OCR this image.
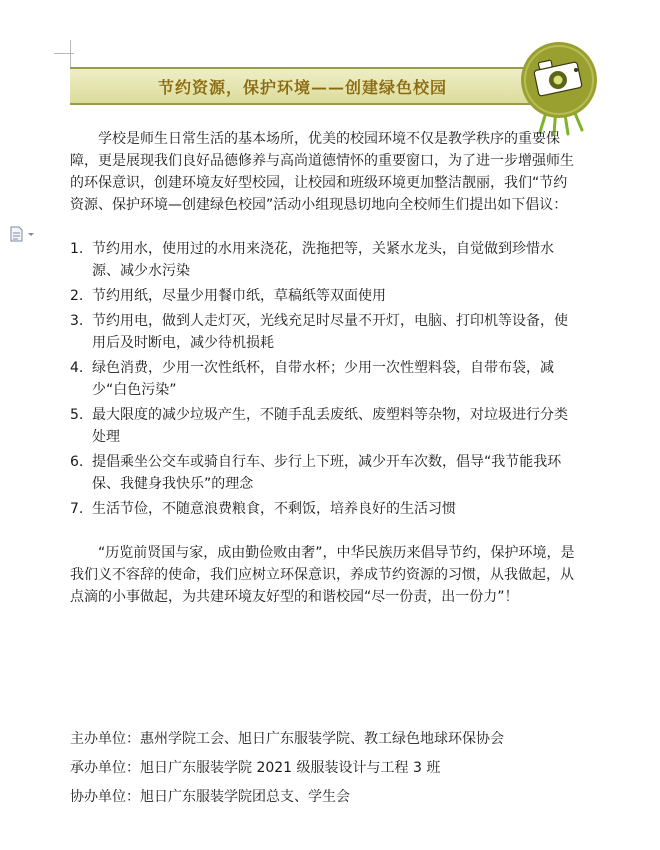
节约资源，保护环境——创建绿色校园

学校是师生日常生活的基本场所，优美的校园环境不仅是教学秩序的重要保障，更是展现我们良好品德修养与高尚道德情怀的重要窗口，为了进一步增强师生的环保意识，创建环境友好型校园，让校园和班级环境更加整洁靓丽，我们“节约资源、保护环境—创建绿色校园”活动小组现恳切地向全校师生们提出如下倡议：

1. 节约用水，使用过的水用来浇花，洗拖把等，关紧水龙头，自觉做到珍惜水源、减少水污染
2. 节约用纸，尽量少用餐巾纸，草稿纸等双面使用
3. 节约用电，做到人走灯灭，光线充足时尽量不开灯，电脑、打印机等设备，使用后及时断电，减少待机损耗
4. 绿色消费，少用一次性纸杯，自带水杯；少用一次性塑料袋，自带布袋，减少“白色污染”
5. 最大限度的减少垃圾产生，不随手乱丢废纸、废塑料等杂物，对垃圾进行分类处理
6. 提倡乘坐公交车或骑自行车、步行上下班，减少开车次数，倡导“我节能我环保、我健身我快乐”的理念
7. 生活节俭，不随意浪费粮食，不剩饭，培养良好的生活习惯

“历览前贤国与家，成由勤俭败由奢”，中华民族历来倡导节约，保护环境，是我们义不容辞的使命，我们应树立环保意识，养成节约资源的习惯，从我做起，从点滴的小事做起，为共建环境友好型的和谐校园“尽一份责，出一份力”！

主办单位：惠州学院工会、旭日广东服装学院、教工绿色地球环保协会
承办单位：旭日广东服装学院 2021 级服装设计与工程 3 班
协办单位：旭日广东服装学院团总支、学生会
